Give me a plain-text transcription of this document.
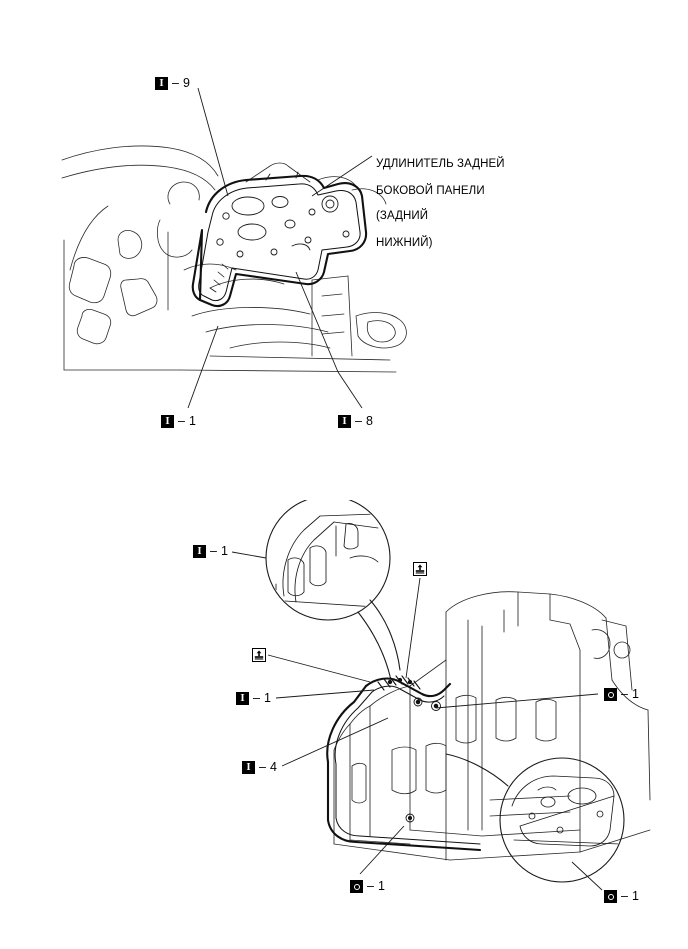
УДЛИНИТЕЛЬ ЗАДНЕЙ

БОКОВОЙ ПАНЕЛИ

(ЗАДНИЙ

НИЖНИЙ)

I – 9
I – 1	I – 8
I – 1
I – 1
I – 4
– 1
– 1
– 1
